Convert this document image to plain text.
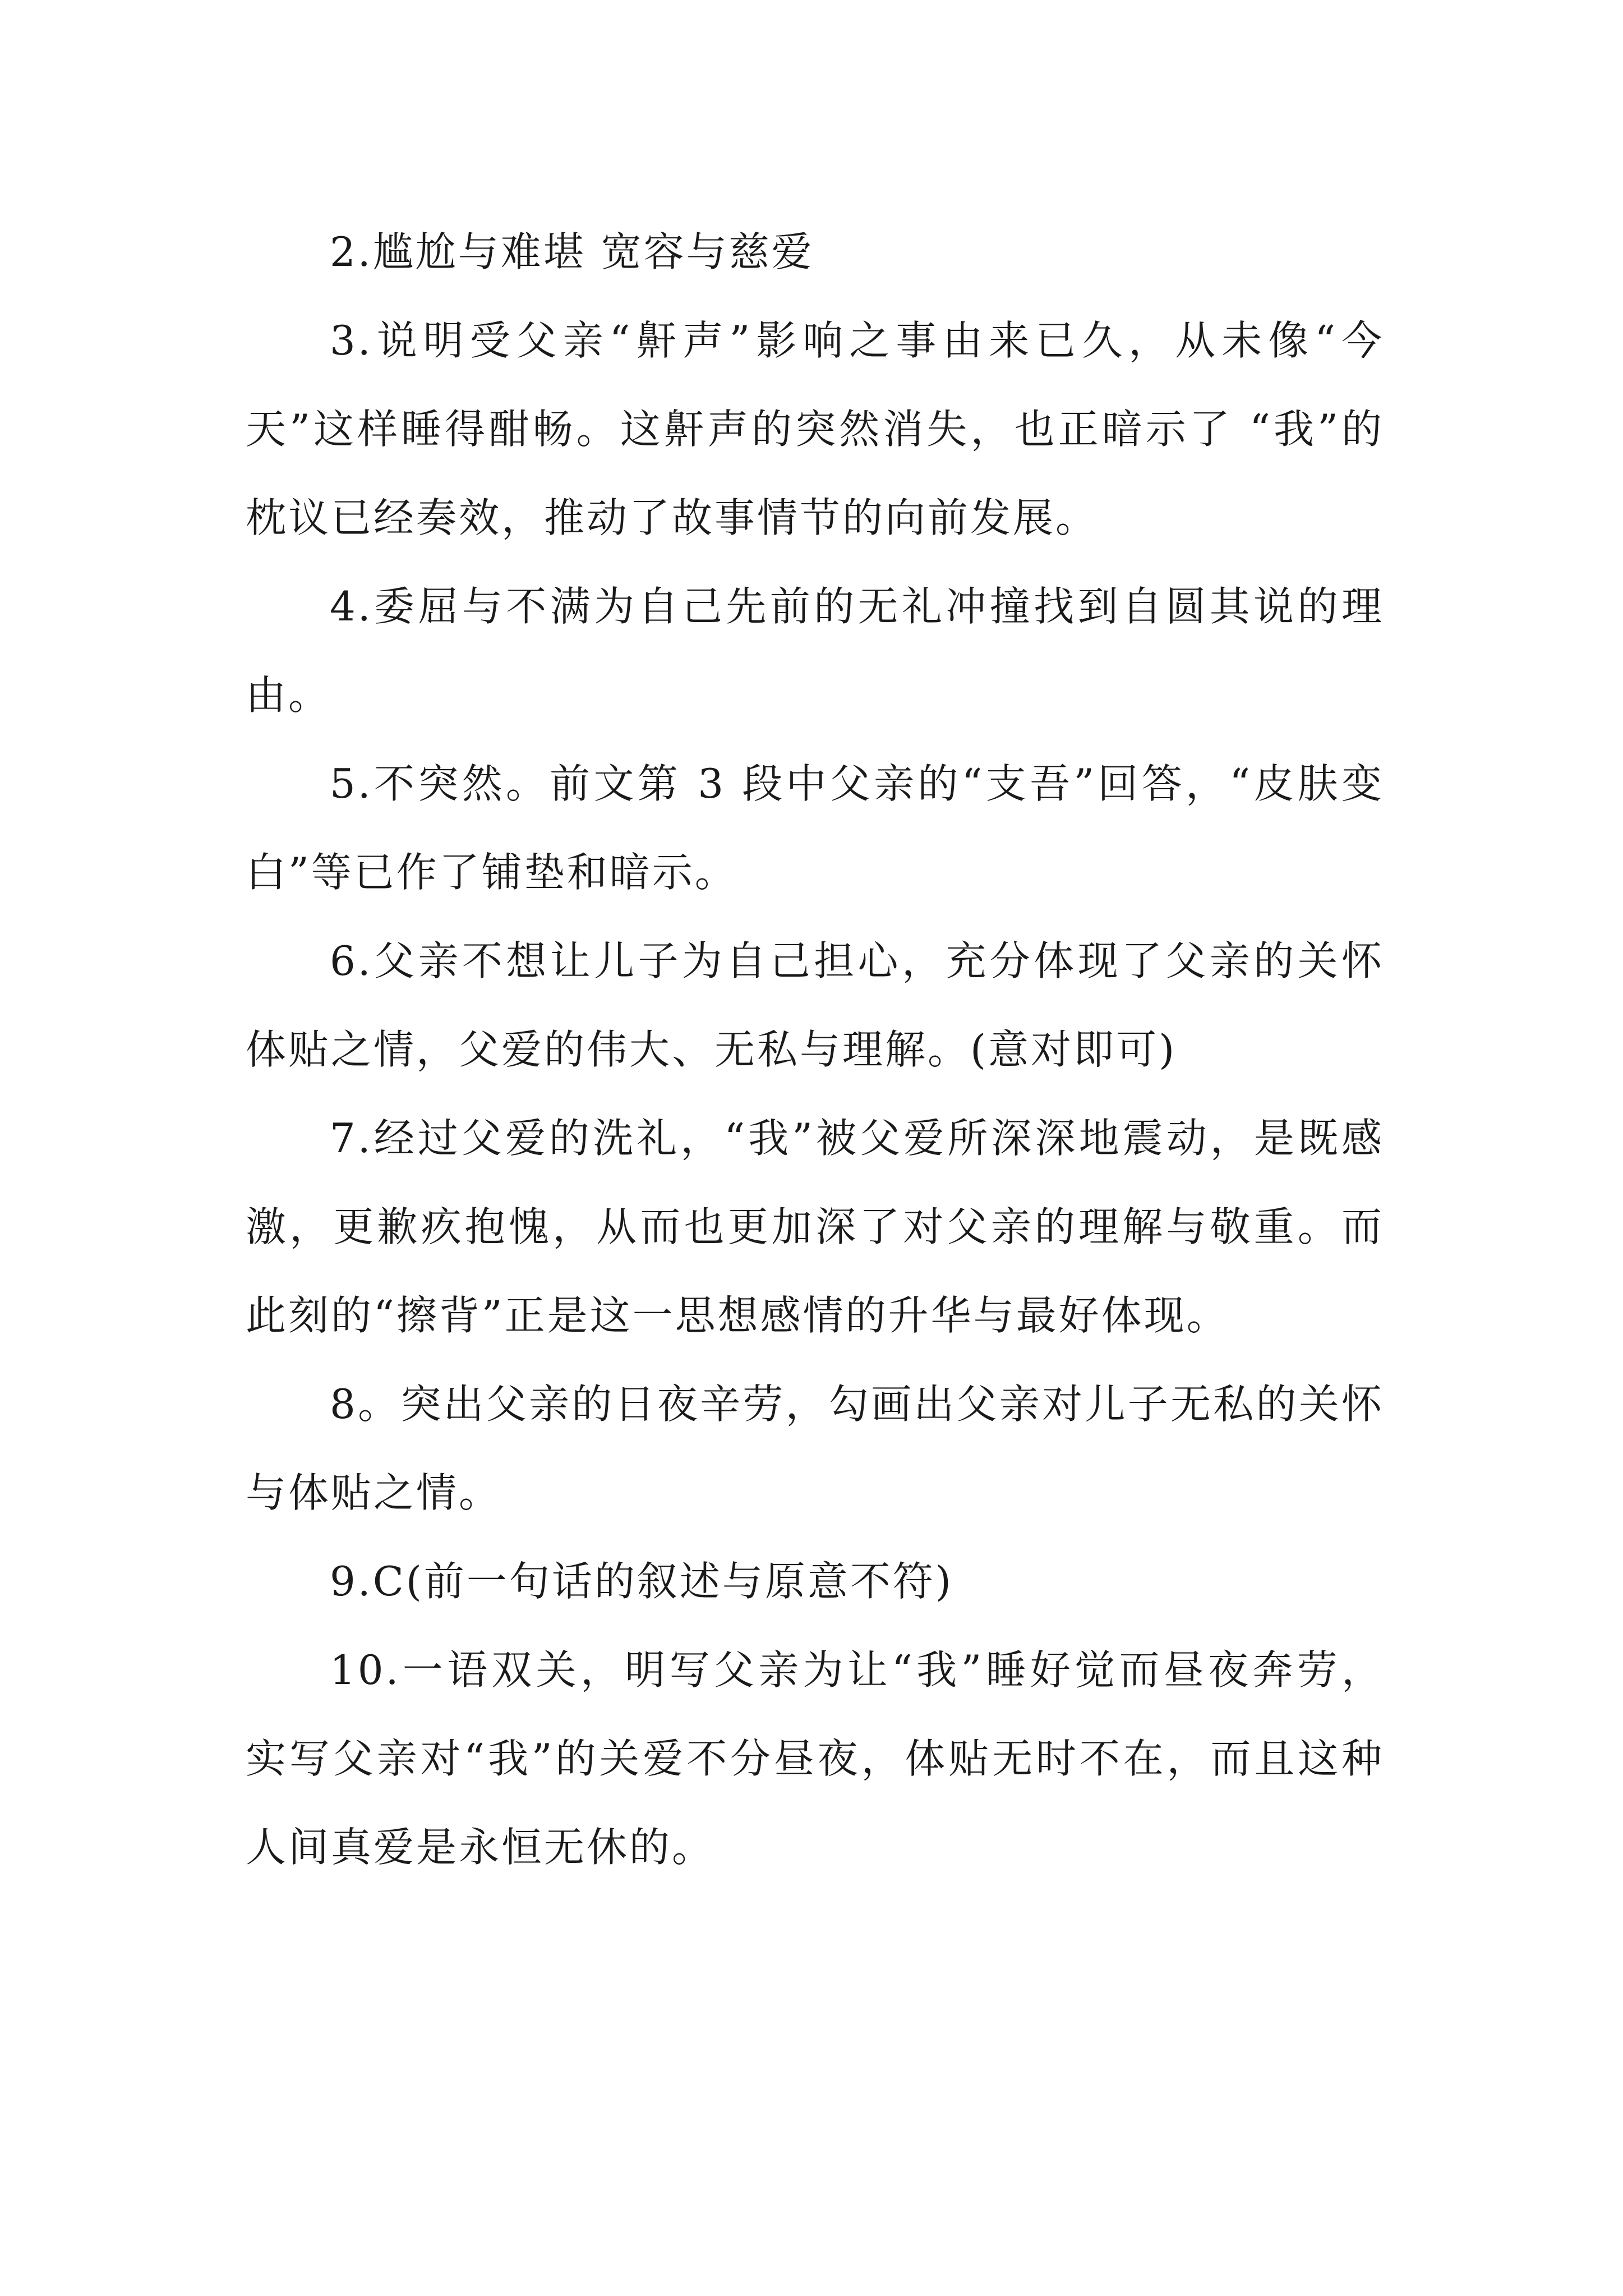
2.尴尬与难堪 宽容与慈爱

3.说明受父亲“鼾声”影响之事由来已久，从未像“今天”这样睡得酣畅。这鼾声的突然消失，也正暗示了 “我”的枕议已经奏效，推动了故事情节的向前发展。

4.委屈与不满为自己先前的无礼冲撞找到自圆其说的理由。

5.不突然。前文第 3 段中父亲的“支吾”回答，“皮肤变白”等已作了铺垫和暗示。

6.父亲不想让儿子为自己担心，充分体现了父亲的关怀体贴之情，父爱的伟大、无私与理解。(意对即可)

7.经过父爱的洗礼，“我”被父爱所深深地震动，是既感激，更歉疚抱愧，从而也更加深了对父亲的理解与敬重。而此刻的“擦背”正是这一思想感情的升华与最好体现。

8。突出父亲的日夜辛劳，勾画出父亲对儿子无私的关怀与体贴之情。

9.C(前一句话的叙述与原意不符)

10.一语双关，明写父亲为让“我”睡好觉而昼夜奔劳，实写父亲对“我”的关爱不分昼夜，体贴无时不在，而且这种人间真爱是永恒无休的。
